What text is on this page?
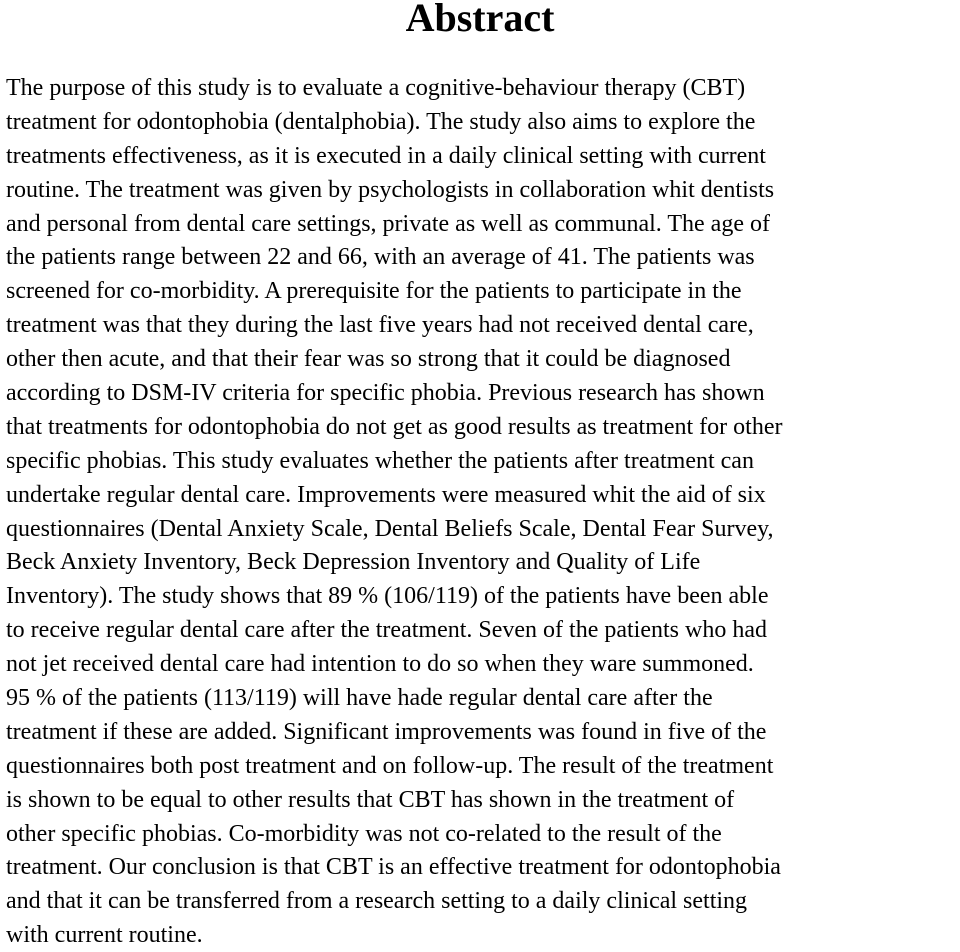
Abstract
The purpose of this study is to evaluate a cognitive-behaviour therapy (CBT)
treatment for odontophobia (dentalphobia). The study also aims to explore the
treatments effectiveness, as it is executed in a daily clinical setting with current
routine. The treatment was given by psychologists in collaboration whit dentists
and personal from dental care settings, private as well as communal. The age of
the patients range between 22 and 66, with an average of 41. The patients was
screened for co-morbidity. A prerequisite for the patients to participate in the
treatment was that they during the last five years had not received dental care,
other then acute, and that their fear was so strong that it could be diagnosed
according to DSM-IV criteria for specific phobia. Previous research has shown
that treatments for odontophobia do not get as good results as treatment for other
specific phobias. This study evaluates whether the patients after treatment can
undertake regular dental care. Improvements were measured whit the aid of six
questionnaires (Dental Anxiety Scale, Dental Beliefs Scale, Dental Fear Survey,
Beck Anxiety Inventory, Beck Depression Inventory and Quality of Life
Inventory). The study shows that 89 % (106/119) of the patients have been able
to receive regular dental care after the treatment. Seven of the patients who had
not jet received dental care had intention to do so when they ware summoned.
95 % of the patients (113/119) will have hade regular dental care after the
treatment if these are added. Significant improvements was found in five of the
questionnaires both post treatment and on follow-up. The result of the treatment
is shown to be equal to other results that CBT has shown in the treatment of
other specific phobias. Co-morbidity was not co-related to the result of the
treatment. Our conclusion is that CBT is an effective treatment for odontophobia
and that it can be transferred from a research setting to a daily clinical setting
with current routine.
